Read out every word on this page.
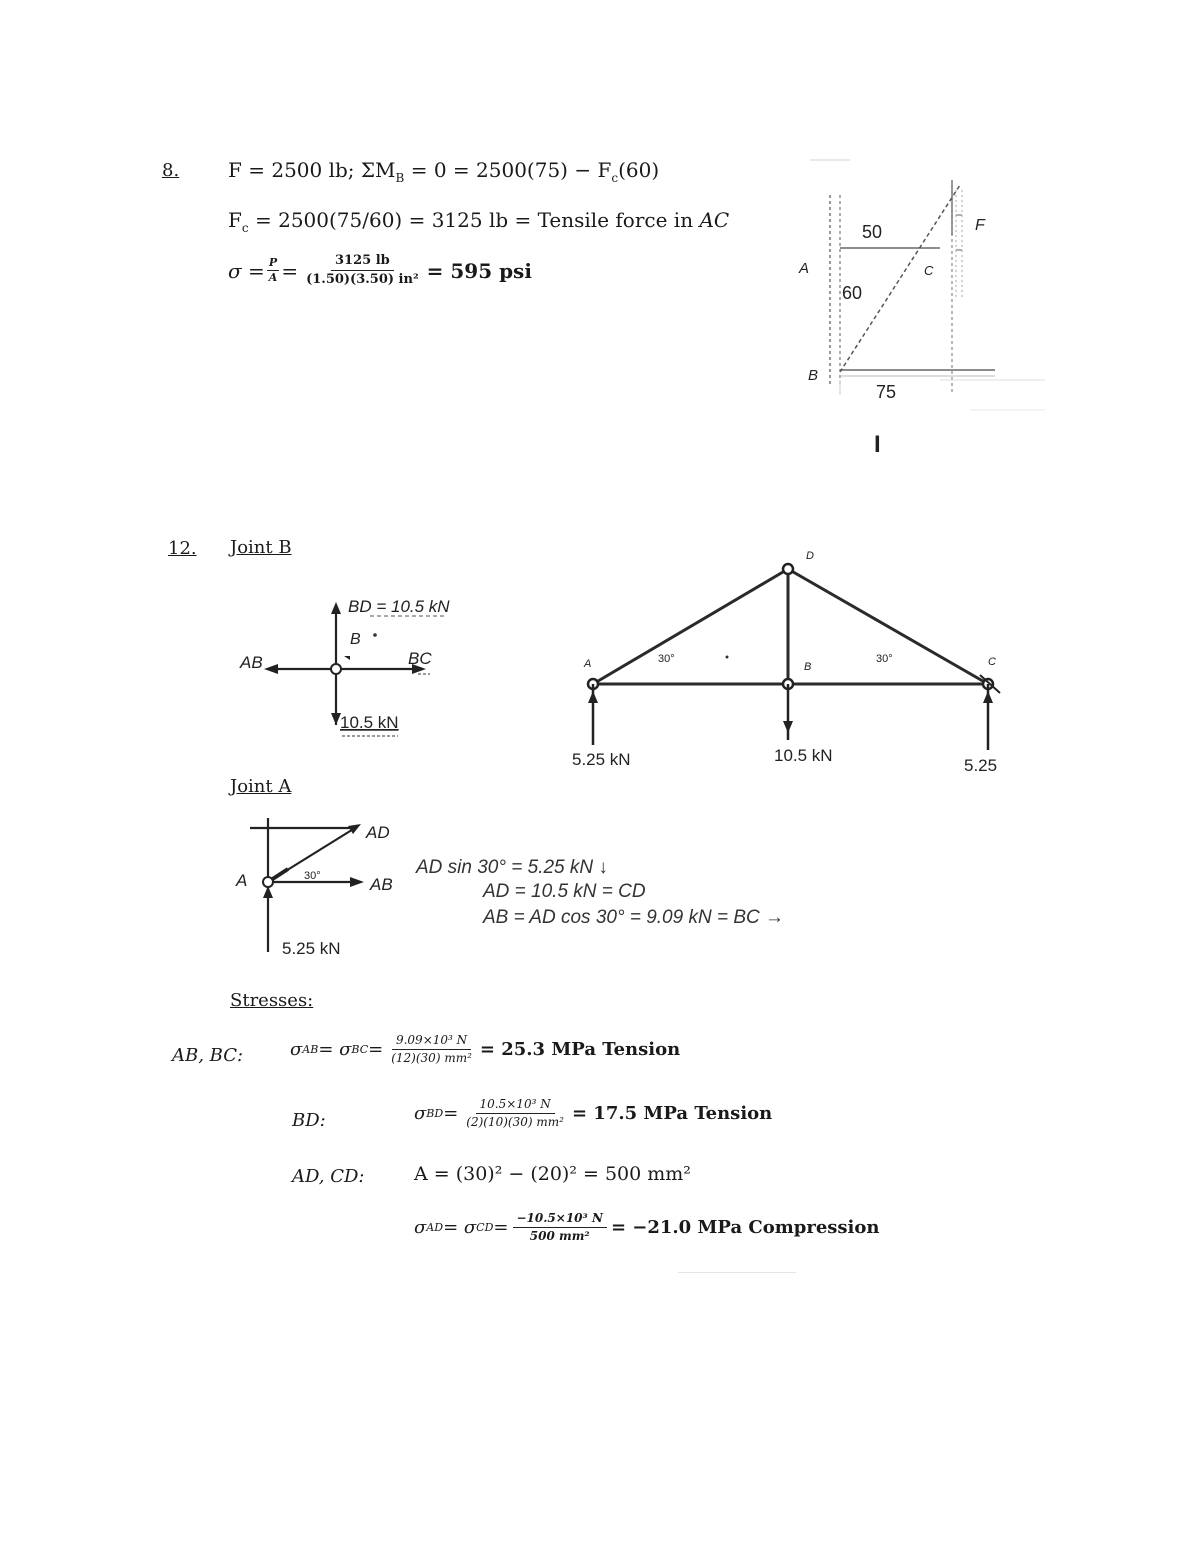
8. F = 2500 lb; $\Sigma M_B = 0 = 2500(75) - F_c(60)$
$F_c = 2500(75/60) = 3125$ lb = Tensile force in AC
$\sigma = \frac{P}{A} = \frac{3125 lb}{\text{(1.50)(3.50) in²}} = 595$ psi	A
B
C
F
50
60
75
I
12. Joint B
BD = 10.5 kN
B
AB	BC
10.5 kN
D
A	B	C
30°	30°
5.25 kN	10.5 kN
5.25
Joint A
AD
A	30°	AB
5.25 kN
AD sin 30° = 5.25 kN ↓
AD = 10.5 kN = CD
AB = AD cos 30° = 9.09 kN = BC →
Stresses:
AB, BC:	σ AB = σ BC = $\frac{\text{9.09×10³ N}}{\text{(12)(30) mm²}} = 25.3$ MPa Tension
BD:	σ BD = $\frac{\text{10.5×10³ N}}{\text{(2)(10)(30) mm²}} = 17.5$ MPa Tension
AD, CD:	A = (30)² − (20)² = 500 mm²
σ AD = σ CD = $\frac{\text{−10.5×10³ N}}{\text{500 mm²}} = -21.0$ MPa Compression
